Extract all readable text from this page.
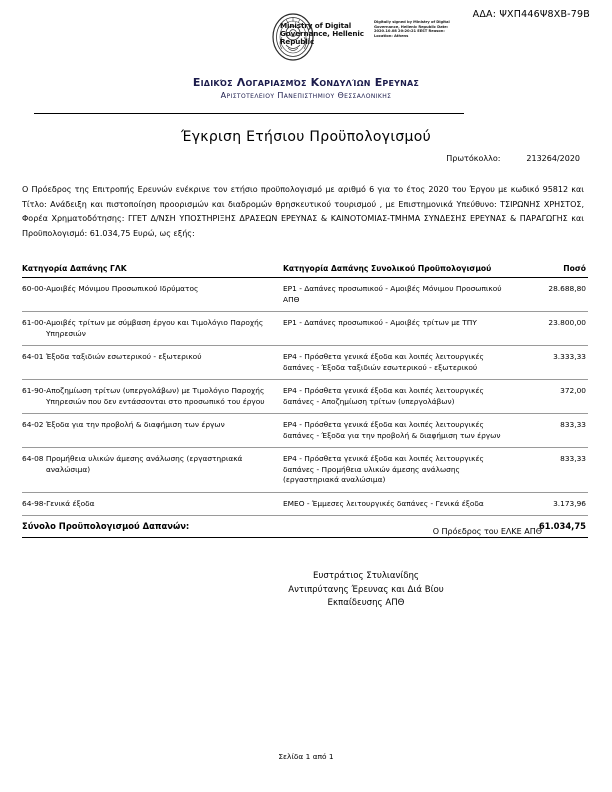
ΑΔΑ: ΨΧΠ446Ψ8ΧΒ-79Β
Ministry of Digital Governance, Hellenic Republic
Digitally signed by Ministry of Digital Governance, Hellenic Republic Date: 2020.10.08 20:20:21 EEST Reason: Location: Athens
Ειδικός Λογαριασμός Κονδυλίων Ερευνας
Αριστοτελειου Πανεπιστημιου Θεσσαλονικης
Έγκριση Ετήσιου Προϋπολογισμού
Πρωτόκολλο:	213264/2020
Ο Πρόεδρος της Επιτροπής Ερευνών ενέκρινε τον ετήσιο προϋπολογισμό με αριθμό 6 για το έτος 2020 του Έργου με κωδικό 95812 και Τίτλο: Ανάδειξη και πιστοποίηση προορισμών και διαδρομών θρησκευτικού τουρισμού , με Επιστημονικά Υπεύθυνο: ΤΣΙΡΩΝΗΣ ΧΡΗΣΤΟΣ, Φορέα Χρηματοδότησης: ΓΓΕΤ Δ/ΝΣΗ ΥΠΟΣΤΗΡΙΞΗΣ ΔΡΑΣΕΩΝ ΕΡΕΥΝΑΣ & ΚΑΙΝΟΤΟΜΙΑΣ-ΤΜΗΜΑ ΣΥΝΔΕΣΗΣ ΕΡΕΥΝΑΣ & ΠΑΡΑΓΩΓΗΣ και Προϋπολογισμό: 61.034,75 Ευρώ, ως εξής:
Κατηγορία Δαπάνης ΓΛΚ	Κατηγορία Δαπάνης Συνολικού Προϋπολογισμού	Ποσό

60-00-Αμοιβές Μόνιμου Προσωπικού Ιδρύματος	ΕΡ1 - Δαπάνες προσωπικού - Αμοιβές Μόνιμου Προσωπικού ΑΠΘ	28.688,80

61-00-Αμοιβές τρίτων με σύμβαση έργου και Τιμολόγιο Παροχής Υπηρεσιών	ΕΡ1 - Δαπάνες προσωπικού - Αμοιβές τρίτων με ΤΠΥ	23.800,00

64-01 Έξοδα ταξιδιών εσωτερικού - εξωτερικού	ΕΡ4 - Πρόσθετα γενικά έξοδα και λοιπές λειτουργικές δαπάνες - Έξοδα ταξιδιών εσωτερικού - εξωτερικού	3.333,33

61-90-Αποζημίωση τρίτων (υπεργολάβων) με Τιμολόγιο Παροχής Υπηρεσιών που δεν εντάσσονται στο προσωπικό του έργου	ΕΡ4 - Πρόσθετα γενικά έξοδα και λοιπές λειτουργικές δαπάνες - Αποζημίωση τρίτων (υπεργολάβων)	372,00

64-02 Έξοδα για την προβολή & διαφήμιση των έργων	ΕΡ4 - Πρόσθετα γενικά έξοδα και λοιπές λειτουργικές δαπάνες - Έξοδα για την προβολή & διαφήμιση των έργων	833,33

64-08 Προμήθεια υλικών άμεσης ανάλωσης (εργαστηριακά αναλώσιμα)	ΕΡ4 - Πρόσθετα γενικά έξοδα και λοιπές λειτουργικές δαπάνες - Προμήθεια υλικών άμεσης ανάλωσης (εργαστηριακά αναλώσιμα)	833,33

64-98-Γενικά έξοδα	ΕΜΕΟ - Έμμεσες λειτουργικές δαπάνες - Γενικά έξοδα	3.173,96
Σύνολο Προϋπολογισμού Δαπανών:		61.034,75
Ο Πρόεδρος του ΕΛΚΕ ΑΠΘ
Ευστράτιος Στυλιανίδης
Αντιπρύτανης Έρευνας και Διά Βίου
Εκπαίδευσης ΑΠΘ
Σελίδα 1 από 1
